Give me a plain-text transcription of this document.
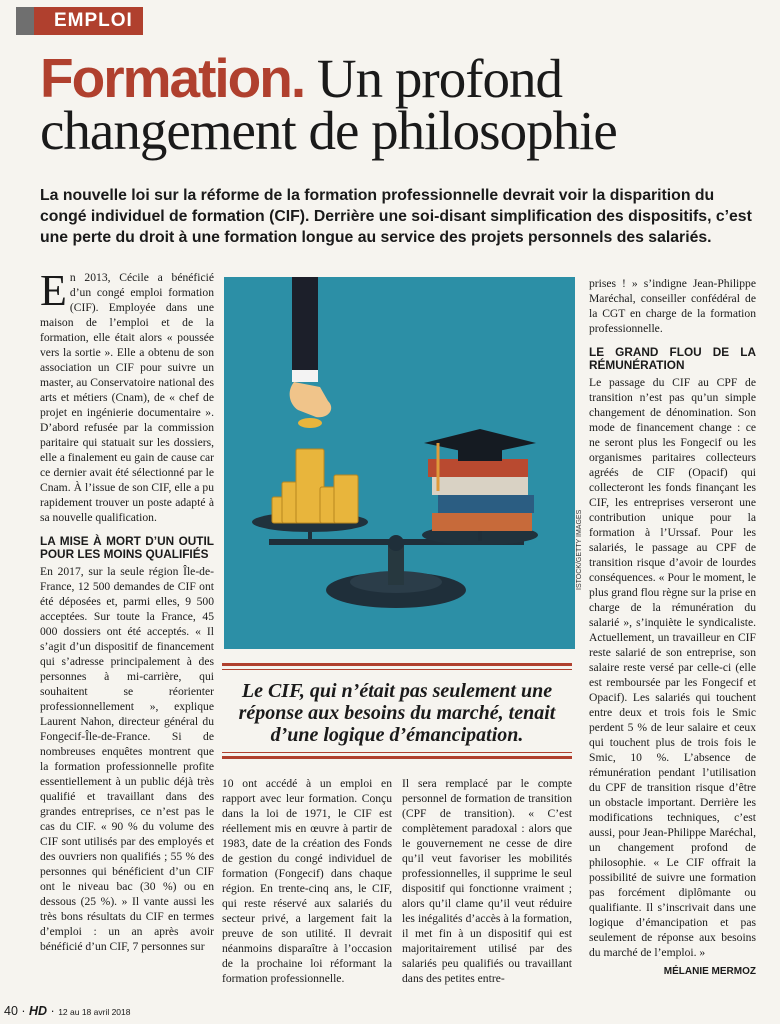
EMPLOI
Formation. Un profond
changement de philosophie
La nouvelle loi sur la réforme de la formation professionnelle devrait voir la disparition du congé individuel de formation (CIF). Derrière une soi-disant simplification des dispositifs, c’est une perte du droit à une formation longue au service des projets personnels des salariés.

En 2013, Cécile a bénéficié d’un congé emploi formation (CIF). Employée dans une maison de l’emploi et de la formation, elle était alors « poussée vers la sortie ». Elle a obtenu de son association un CIF pour suivre un master, au Conservatoire national des arts et métiers (Cnam), de « chef de projet en ingénierie documentaire ». D’abord refusée par la commission paritaire qui statuait sur les dossiers, elle a finalement eu gain de cause car ce dernier avait été sélectionné par le Cnam. À l’issue de son CIF, elle a pu rapidement trouver un poste adapté à sa nouvelle qualification.

LA MISE À MORT D’UN OUTIL POUR LES MOINS QUALIFIÉS

En 2017, sur la seule région Île-de-France, 12 500 demandes de CIF ont été déposées et, parmi elles, 9 500 acceptées. Sur toute la France, 45 000 dossiers ont été acceptés. « Il s’agit d’un dispositif de financement qui s’adresse principalement à des personnes à mi-carrière, qui souhaitent se réorienter professionnellement », explique Laurent Nahon, directeur général du Fongecif-Île-de-France. Si de nombreuses enquêtes montrent que la formation professionnelle profite essentiellement à un public déjà très qualifié et travaillant dans des grandes entreprises, ce n’est pas le cas du CIF. « 90 % du volume des CIF sont utilisés par des employés et des ouvriers non qualifiés ; 55 % des personnes qui bénéficient d’un CIF ont le niveau bac (30 %) ou en dessous (25 %). » Il vante aussi les très bons résultats du CIF en termes d’emploi : un an après avoir bénéficié d’un CIF, 7 personnes sur

ISTOCK/GETTY IMAGES
Le CIF, qui n’était pas seulement une réponse aux besoins du marché, tenait d’une logique d’émancipation.

10 ont accédé à un emploi en rapport avec leur formation. Conçu dans la loi de 1971, le CIF est réellement mis en œuvre à partir de 1983, date de la création des Fonds de gestion du congé individuel de formation (Fongecif) dans chaque région. En trente-cinq ans, le CIF, qui reste réservé aux salariés du secteur privé, a largement fait la preuve de son utilité. Il devrait néanmoins disparaître à l’occasion de la prochaine loi réformant la formation professionnelle.

Il sera remplacé par le compte personnel de formation de transition (CPF de transition). « C’est complètement paradoxal : alors que le gouvernement ne cesse de dire qu’il veut favoriser les mobilités professionnelles, il supprime le seul dispositif qui fonctionne vraiment ; alors qu’il clame qu’il veut réduire les inégalités d’accès à la formation, il met fin à un dispositif qui est majoritairement utilisé par des salariés peu qualifiés ou travaillant dans des petites entre-

prises ! » s’indigne Jean-Philippe Maréchal, conseiller confédéral de la CGT en charge de la formation professionnelle.

LE GRAND FLOU DE LA RÉMUNÉRATION

Le passage du CIF au CPF de transition n’est pas qu’un simple changement de dénomination. Son mode de financement change : ce ne seront plus les Fongecif ou les organismes paritaires collecteurs agréés de CIF (Opacif) qui collecteront les fonds finançant les CIF, les entreprises verseront une contribution unique pour la formation à l’Urssaf. Pour les salariés, le passage au CPF de transition risque d’avoir de lourdes conséquences. « Pour le moment, le plus grand flou règne sur la prise en charge de la rémunération du salarié », s’inquiète le syndicaliste. Actuellement, un travailleur en CIF reste salarié de son entreprise, son salaire reste versé par celle-ci (elle est remboursée par les Fongecif et Opacif). Les salariés qui touchent entre deux et trois fois le Smic perdent 5 % de leur salaire et ceux qui touchent plus de trois fois le Smic, 10 %. L’absence de rémunération pendant l’utilisation du CPF de transition risque d’être un obstacle important. Derrière les modifications techniques, c’est aussi, pour Jean-Philippe Maréchal, un changement profond de philosophie. « Le CIF offrait la possibilité de suivre une formation pas forcément diplômante ou qualifiante. Il s’inscrivait dans une logique d’émancipation et pas seulement de réponse aux besoins du marché de l’emploi. »

MÉLANIE MERMOZ
40 · HD · 12 au 18 avril 2018
